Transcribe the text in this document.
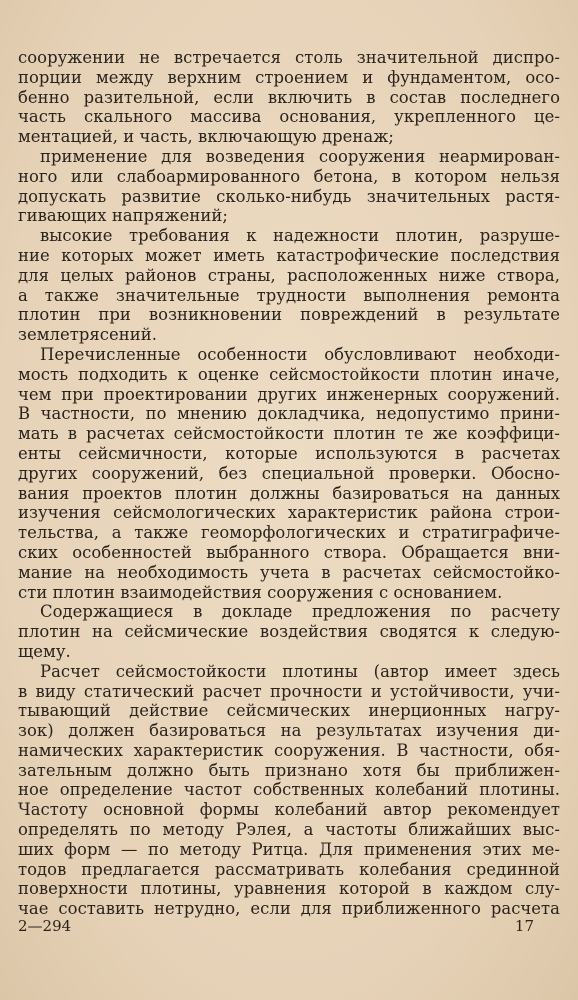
сооружении не встречается столь значительной диспро-
порции между верхним строением и фундаментом, осо-
бенно разительной, если включить в состав последнего
часть скального массива основания, укрепленного це-
ментацией, и часть, включающую дренаж;
применение для возведения сооружения неармирован-
ного или слабоармированного бетона, в котором нельзя
допускать развитие сколько-нибудь значительных растя-
гивающих напряжений;
высокие требования к надежности плотин, разруше-
ние которых может иметь катастрофические последствия
для целых районов страны, расположенных ниже створа,
а также значительные трудности выполнения ремонта
плотин при возникновении повреждений в результате
землетрясений.
Перечисленные особенности обусловливают необходи-
мость подходить к оценке сейсмостойкости плотин иначе,
чем при проектировании других инженерных сооружений.
В частности, по мнению докладчика, недопустимо прини-
мать в расчетах сейсмостойкости плотин те же коэффици-
енты сейсмичности, которые используются в расчетах
других сооружений, без специальной проверки. Обосно-
вания проектов плотин должны базироваться на данных
изучения сейсмологических характеристик района строи-
тельства, а также геоморфологических и стратиграфиче-
ских особенностей выбранного створа. Обращается вни-
мание на необходимость учета в расчетах сейсмостойко-
сти плотин взаимодействия сооружения с основанием.
Содержащиеся в докладе предложения по расчету
плотин на сейсмические воздействия сводятся к следую-
щему.
Расчет сейсмостойкости плотины (автор имеет здесь
в виду статический расчет прочности и устойчивости, учи-
тывающий действие сейсмических инерционных нагру-
зок) должен базироваться на результатах изучения ди-
намических характеристик сооружения. В частности, обя-
зательным должно быть признано хотя бы приближен-
ное определение частот собственных колебаний плотины.
Частоту основной формы колебаний автор рекомендует
определять по методу Рэлея, а частоты ближайших выс-
ших форм — по методу Ритца. Для применения этих ме-
тодов предлагается рассматривать колебания срединной
поверхности плотины, уравнения которой в каждом слу-
чае составить нетрудно, если для приближенного расчета
2—294	17
